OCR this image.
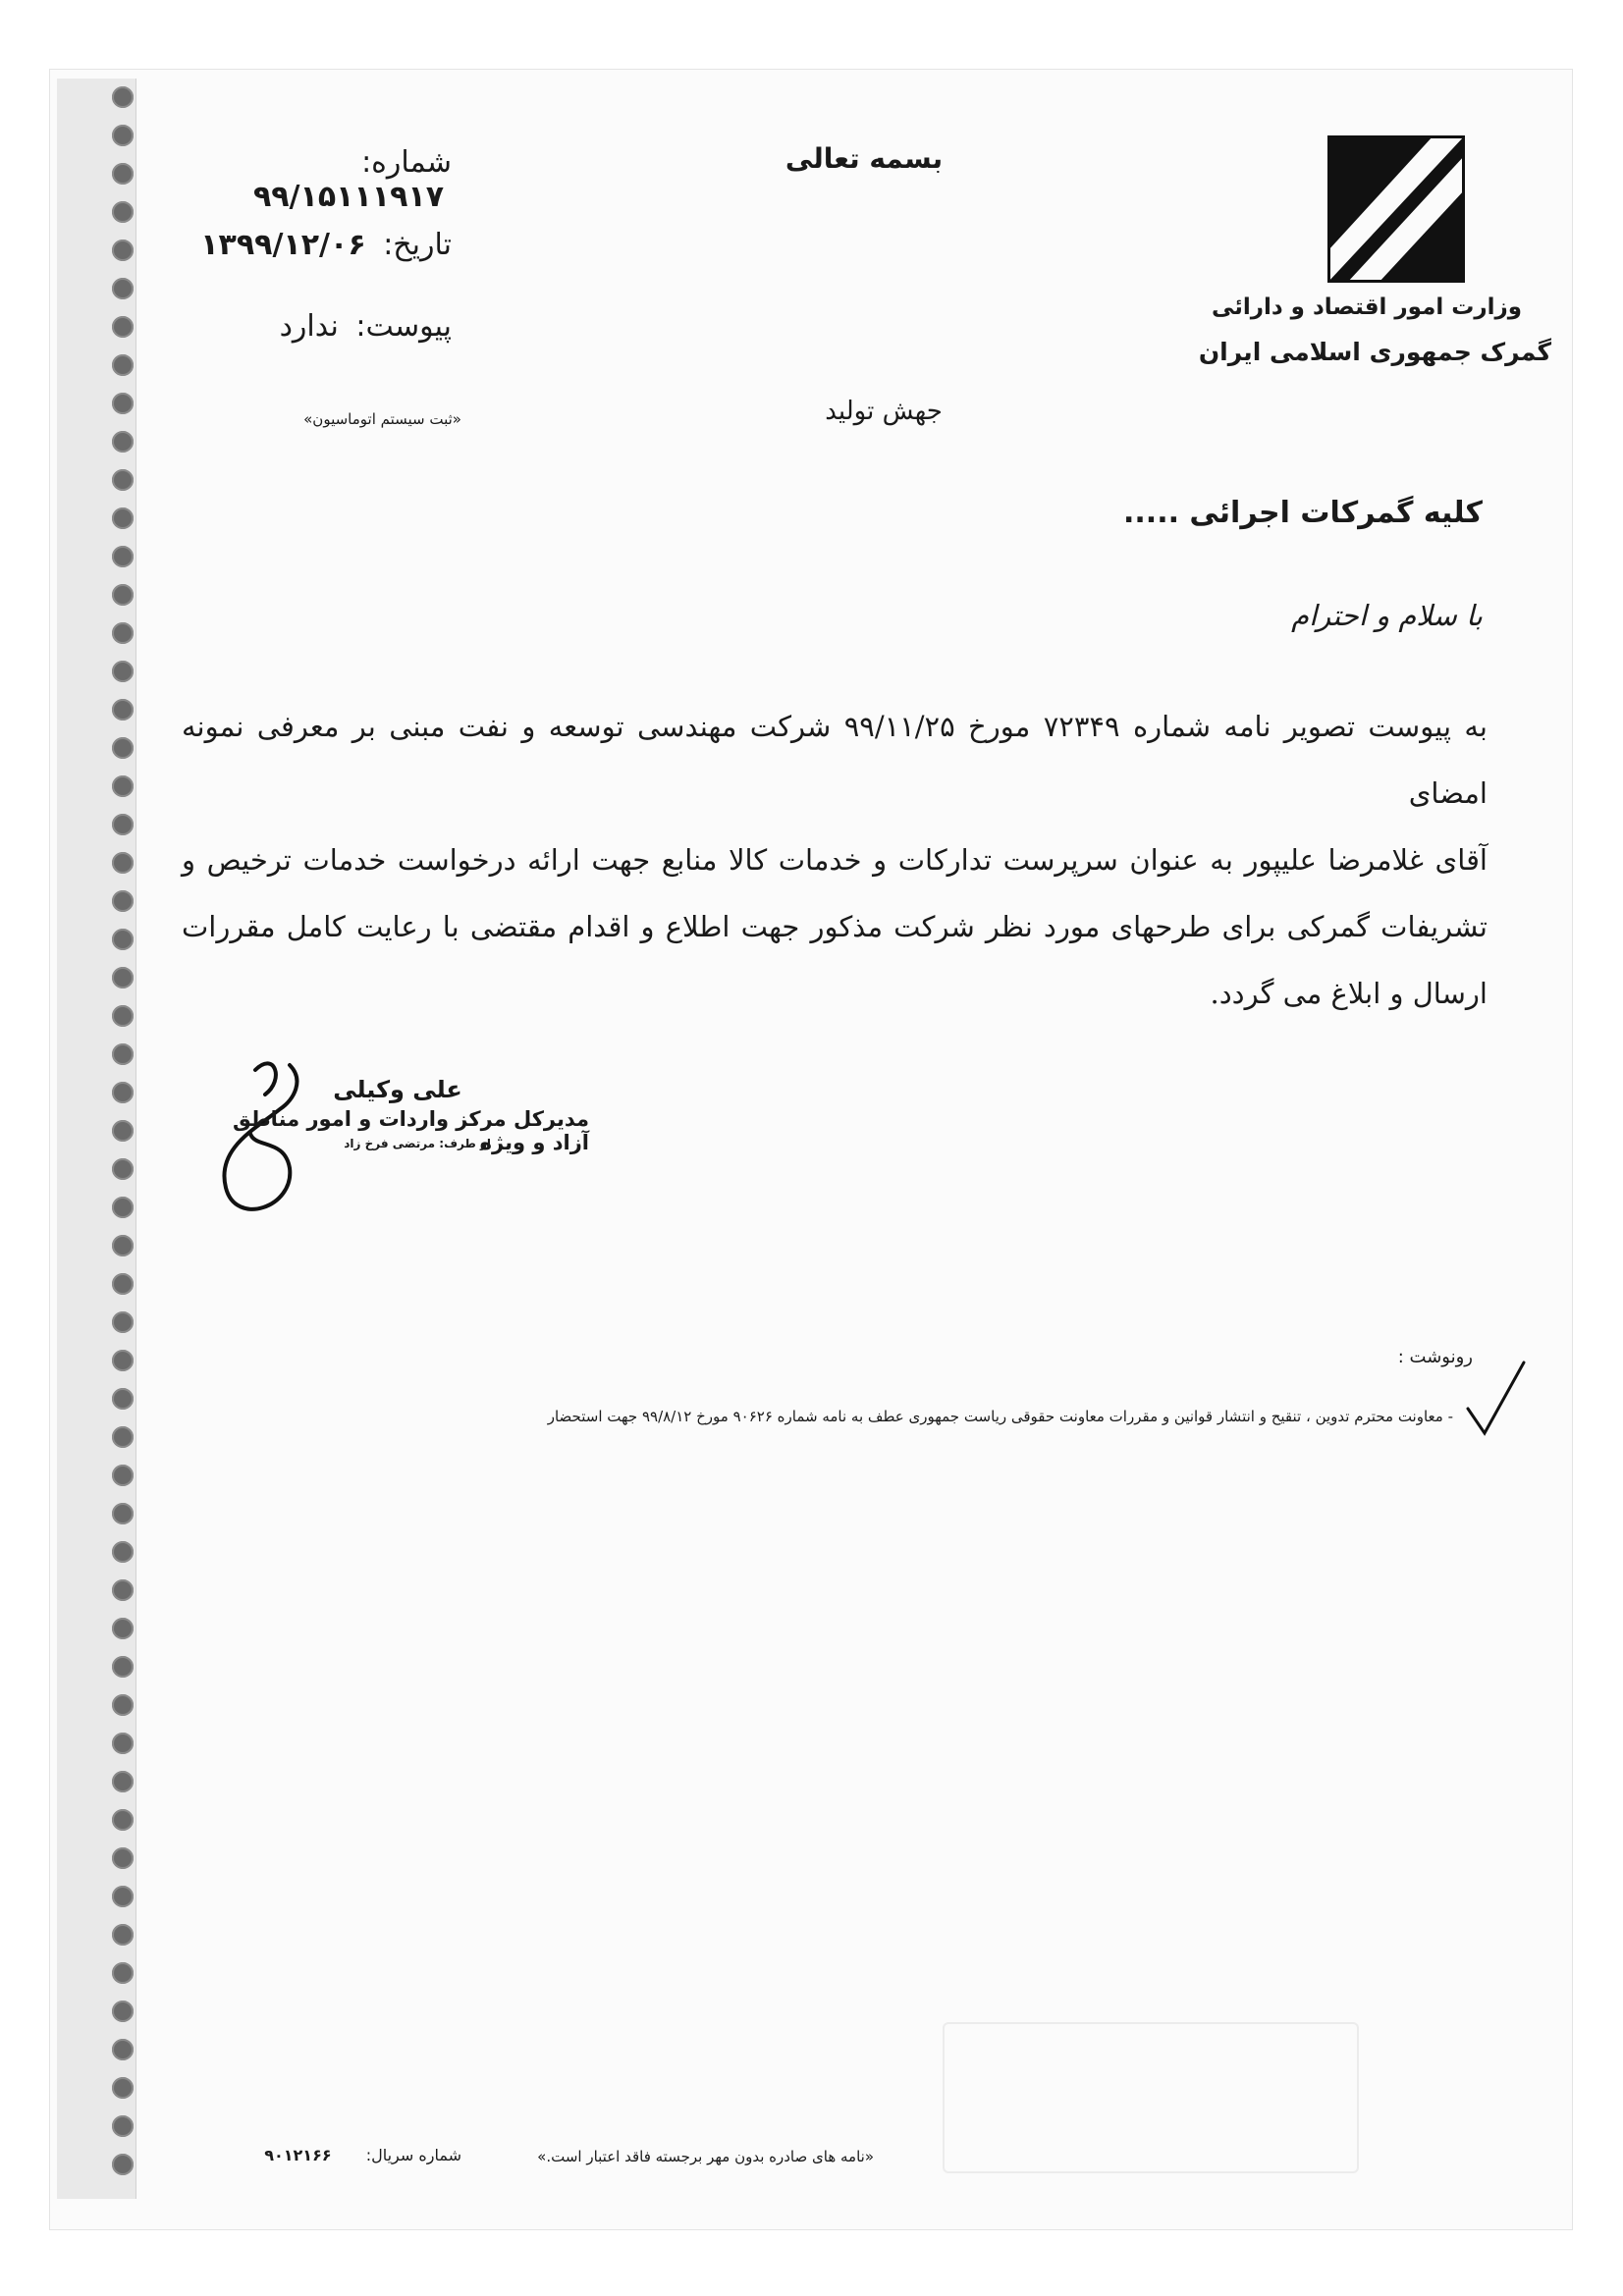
شماره: ۹۹/۱۵۱۱۱۹۱۷
تاریخ: ۱۳۹۹/۱۲/۰۶
پیوست: ندارد
«ثبت سیستم اتوماسیون»
بسمه تعالی
جهش تولید
وزارت امور اقتصاد و دارائی
گمرک جمهوری اسلامی ایران
کلیه گمرکات اجرائی .....
با سلام و احترام
به پیوست تصویر نامه شماره ۷۲۳۴۹ مورخ ۹۹/۱۱/۲۵ شرکت مهندسی توسعه و نفت مبنی بر معرفی نمونه امضای
آقای غلامرضا علیپور به عنوان سرپرست تدارکات و خدمات کالا منابع جهت ارائه درخواست خدمات ترخیص و
تشریفات گمرکی برای طرحهای مورد نظر شرکت مذکور جهت اطلاع و اقدام مقتضی با رعایت کامل مقررات
ارسال و ابلاغ می گردد.
علی وکیلی
مدیرکل مرکز واردات و امور مناطق آزاد و ویژه
از طرف: مرتضی فرخ زاد
رونوشت :
- معاونت محترم تدوین ، تنقیح و انتشار قوانین و مقررات معاونت حقوقی ریاست جمهوری عطف به نامه شماره ۹۰۶۲۶ مورخ ۹۹/۸/۱۲ جهت استحضار
«نامه های صادره بدون مهر برجسته فاقد اعتبار است.»
شماره سریال: ۹۰۱۲۱۶۶
